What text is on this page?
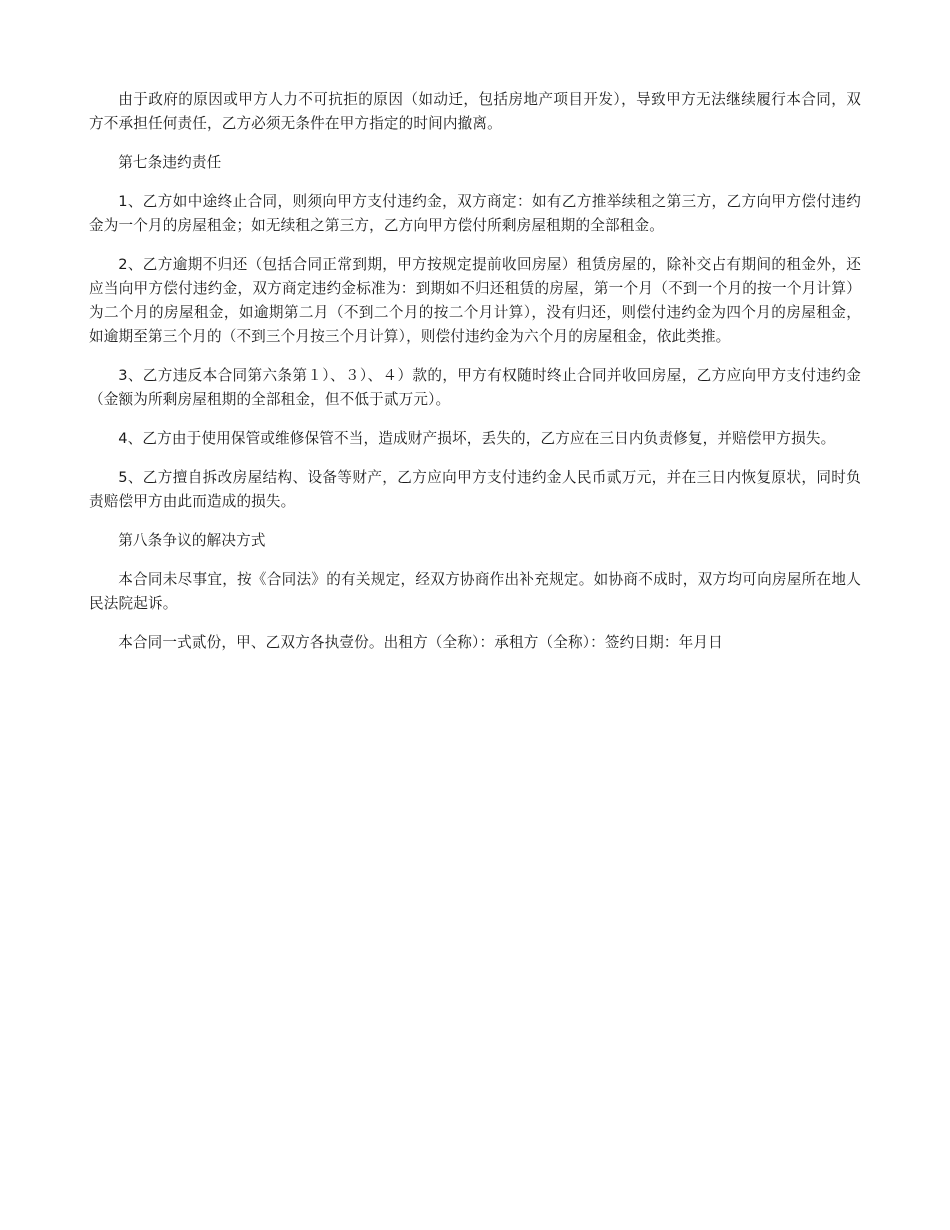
由于政府的原因或甲方人力不可抗拒的原因（如动迁，包括房地产项目开发），导致甲方无法继续履行本合同，双方不承担任何责任，乙方必须无条件在甲方指定的时间内撤离。

第七条违约责任

1、乙方如中途终止合同，则须向甲方支付违约金，双方商定：如有乙方推举续租之第三方，乙方向甲方偿付违约金为一个月的房屋租金；如无续租之第三方，乙方向甲方偿付所剩房屋租期的全部租金。

2、乙方逾期不归还（包括合同正常到期，甲方按规定提前收回房屋）租赁房屋的，除补交占有期间的租金外，还应当向甲方偿付违约金，双方商定违约金标准为：到期如不归还租赁的房屋，第一个月（不到一个月的按一个月计算）为二个月的房屋租金，如逾期第二月（不到二个月的按二个月计算），没有归还，则偿付违约金为四个月的房屋租金，如逾期至第三个月的（不到三个月按三个月计算），则偿付违约金为六个月的房屋租金，依此类推。

3、乙方违反本合同第六条第１）、３）、４）款的，甲方有权随时终止合同并收回房屋，乙方应向甲方支付违约金（金额为所剩房屋租期的全部租金，但不低于贰万元）。

4、乙方由于使用保管或维修保管不当，造成财产损坏，丢失的，乙方应在三日内负责修复，并赔偿甲方损失。

5、乙方擅自拆改房屋结构、设备等财产，乙方应向甲方支付违约金人民币贰万元，并在三日内恢复原状，同时负责赔偿甲方由此而造成的损失。

第八条争议的解决方式

本合同未尽事宜，按《合同法》的有关规定，经双方协商作出补充规定。如协商不成时，双方均可向房屋所在地人民法院起诉。

本合同一式贰份，甲、乙双方各执壹份。出租方（全称）：承租方（全称）：签约日期：年月日
